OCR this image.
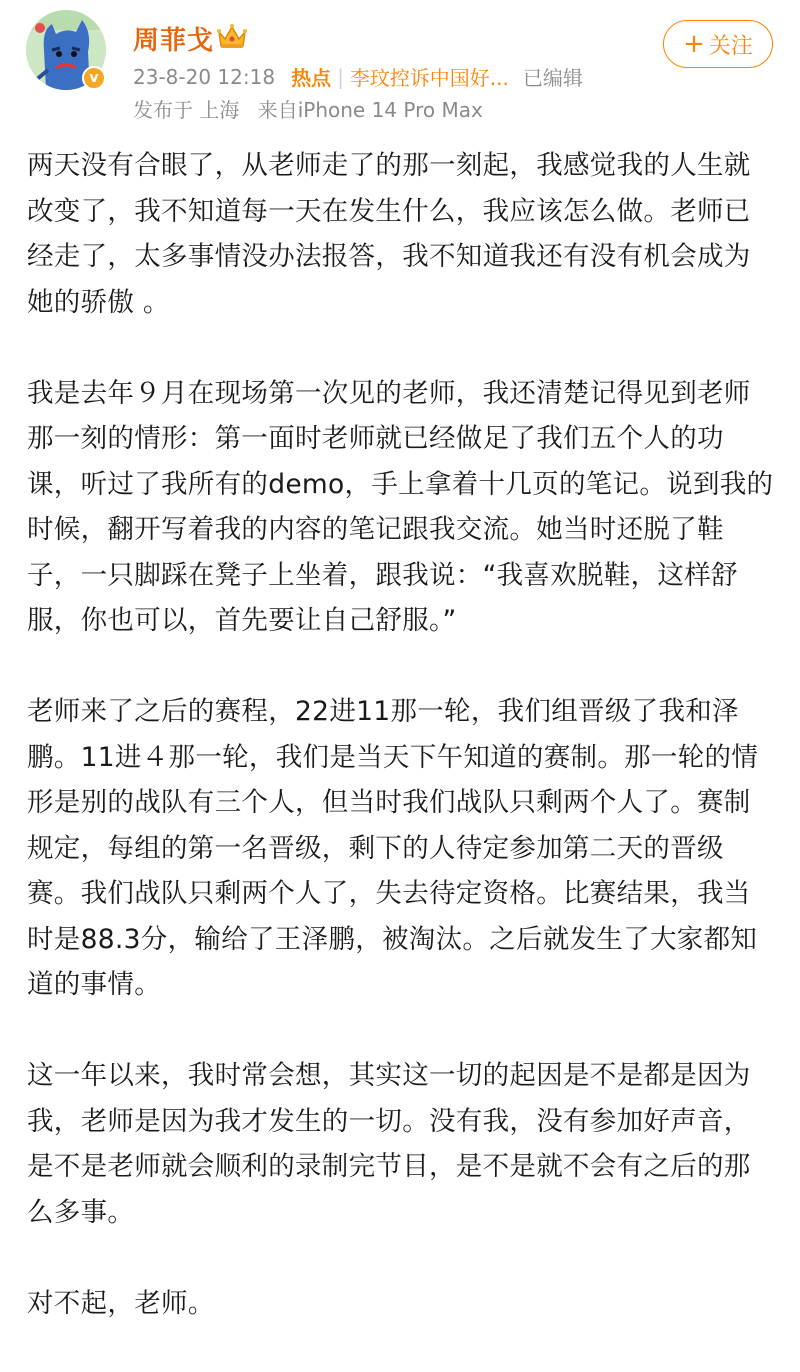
v
周菲戈
23-8-20 12:18 热点 | 李玟控诉中国好... 已编辑
发布于 上海 来自iPhone 14 Pro Max
+ 关注

两天没有合眼了，从老师走了的那一刻起，我感觉我的人生就改变了，我不知道每一天在发生什么，我应该怎么做。老师已经走了，太多事情没办法报答，我不知道我还有没有机会成为她的骄傲 。

我是去年９月在现场第一次见的老师，我还清楚记得见到老师那一刻的情形：第一面时老师就已经做足了我们五个人的功课，听过了我所有的demo，手上拿着十几页的笔记。说到我的时候，翻开写着我的内容的笔记跟我交流。她当时还脱了鞋子，一只脚踩在凳子上坐着，跟我说：“我喜欢脱鞋，这样舒服，你也可以，首先要让自己舒服。”

老师来了之后的赛程，22进11那一轮，我们组晋级了我和泽鹏。11进４那一轮，我们是当天下午知道的赛制。那一轮的情形是别的战队有三个人，但当时我们战队只剩两个人了。赛制规定，每组的第一名晋级，剩下的人待定参加第二天的晋级赛。我们战队只剩两个人了，失去待定资格。比赛结果，我当时是88.3分，输给了王泽鹏，被淘汰。之后就发生了大家都知道的事情。

这一年以来，我时常会想，其实这一切的起因是不是都是因为我，老师是因为我才发生的一切。没有我，没有参加好声音，是不是老师就会顺利的录制完节目，是不是就不会有之后的那么多事。

对不起，老师。
